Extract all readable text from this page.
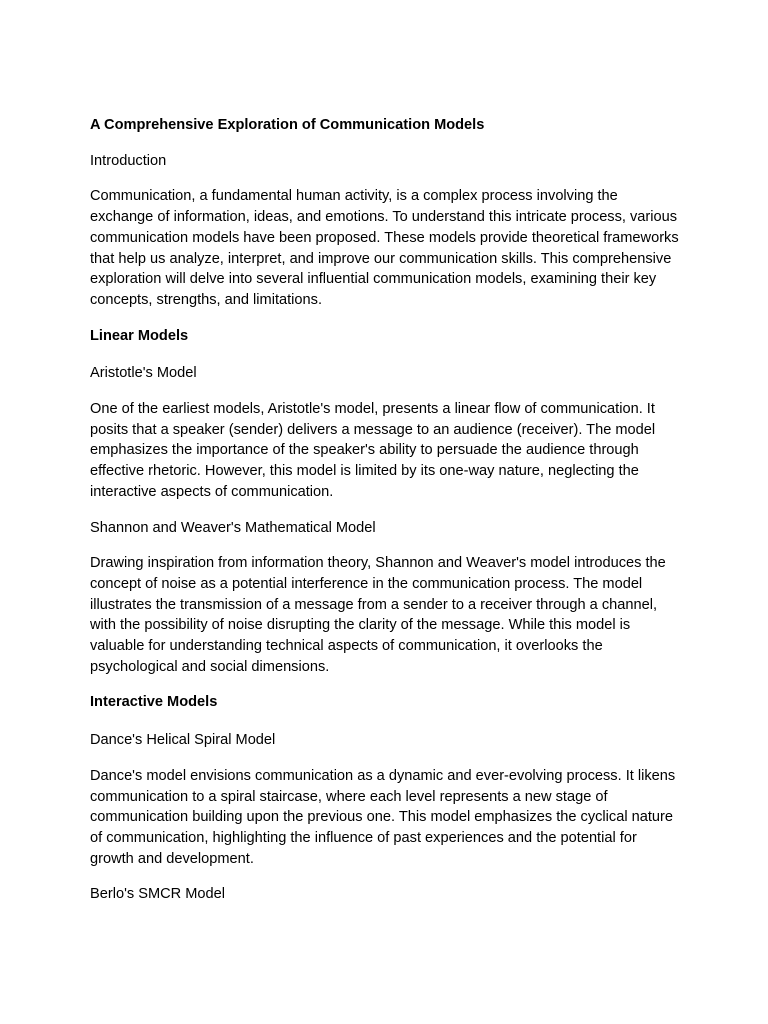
A Comprehensive Exploration of Communication Models

Introduction

Communication, a fundamental human activity, is a complex process involving the exchange of information, ideas, and emotions. To understand this intricate process, various communication models have been proposed. These models provide theoretical frameworks that help us analyze, interpret, and improve our communication skills. This comprehensive exploration will delve into several influential communication models, examining their key concepts, strengths, and limitations.

Linear Models

Aristotle's Model

One of the earliest models, Aristotle's model, presents a linear flow of communication. It posits that a speaker (sender) delivers a message to an audience (receiver). The model emphasizes the importance of the speaker's ability to persuade the audience through effective rhetoric. However, this model is limited by its one-way nature, neglecting the interactive aspects of communication.

Shannon and Weaver's Mathematical Model

Drawing inspiration from information theory, Shannon and Weaver's model introduces the concept of noise as a potential interference in the communication process. The model illustrates the transmission of a message from a sender to a receiver through a channel, with the possibility of noise disrupting the clarity of the message. While this model is valuable for understanding technical aspects of communication, it overlooks the psychological and social dimensions.

Interactive Models

Dance's Helical Spiral Model

Dance's model envisions communication as a dynamic and ever-evolving process. It likens communication to a spiral staircase, where each level represents a new stage of communication building upon the previous one. This model emphasizes the cyclical nature of communication, highlighting the influence of past experiences and the potential for growth and development.

Berlo's SMCR Model
